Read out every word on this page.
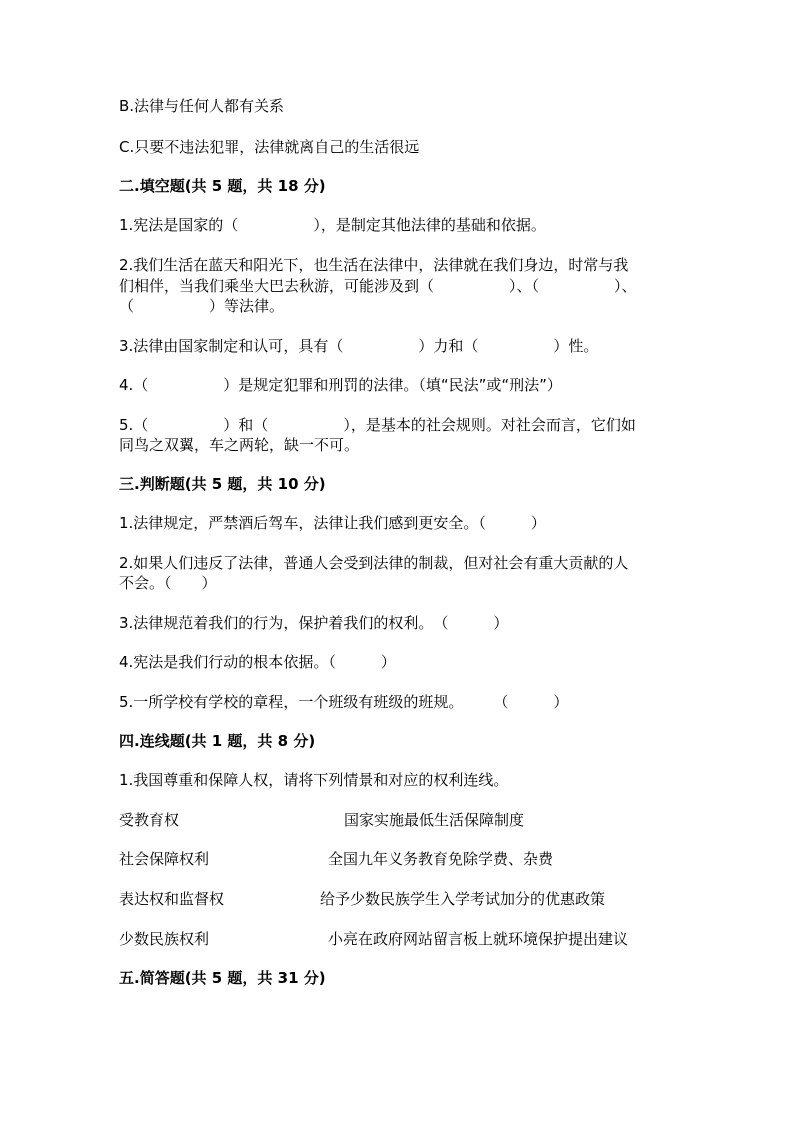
B.法律与任何人都有关系
C.只要不违法犯罪，法律就离自己的生活很远
二.填空题(共 5 题，共 18 分)
1.宪法是国家的（　　　　　），是制定其他法律的基础和依据。
2.我们生活在蓝天和阳光下，也生活在法律中，法律就在我们身边，时常与我
们相伴，当我们乘坐大巴去秋游，可能涉及到（　　　　　）、（　　　　　）、
（　　　　　）等法律。
3.法律由国家制定和认可，具有（　　　　　）力和（　　　　　）性。
4.（　　　　　）是规定犯罪和刑罚的法律。（填“民法”或“刑法”）
5.（　　　　　）和（　　　　　），是基本的社会规则。对社会而言，它们如
同鸟之双翼，车之两轮，缺一不可。
三.判断题(共 5 题，共 10 分)
1.法律规定，严禁酒后驾车，法律让我们感到更安全。（　　　）
2.如果人们违反了法律，普通人会受到法律的制裁，但对社会有重大贡献的人
不会。（　　）
3.法律规范着我们的行为，保护着我们的权利。　（　　　）
4.宪法是我们行动的根本依据。（　　　）
5.一所学校有学校的章程，一个班级有班级的班规。　　　（　　　）
四.连线题(共 1 题，共 8 分)
1.我国尊重和保障人权，请将下列情景和对应的权利连线。
受教育权	国家实施最低生活保障制度
社会保障权利	全国九年义务教育免除学费、杂费
表达权和监督权	给予少数民族学生入学考试加分的优惠政策
少数民族权利	小亮在政府网站留言板上就环境保护提出建议
五.简答题(共 5 题，共 31 分)
